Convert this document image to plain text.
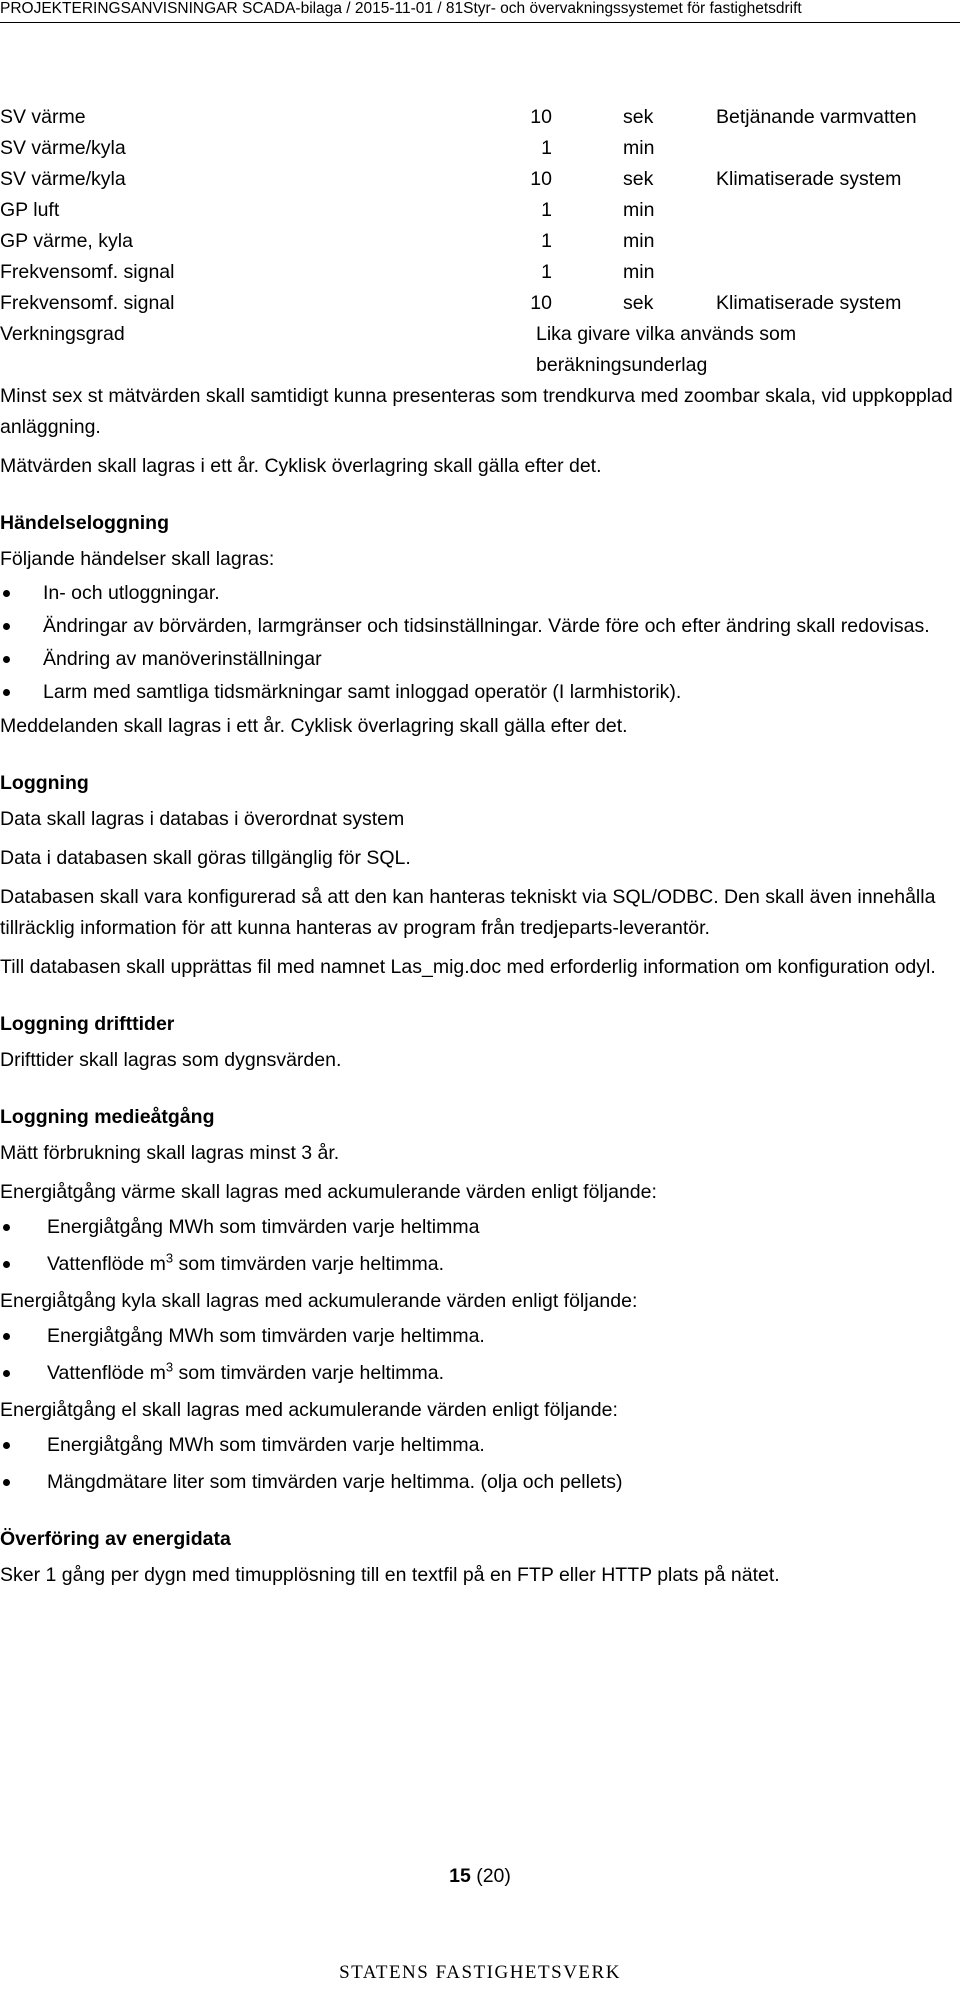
PROJEKTERINGSANVISNINGAR SCADA-bilaga / 2015-11-01 / 81Styr- och övervakningssystemet för fastighetsdrift
SV värme	10	sek	Betjänande varmvatten
SV värme/kyla	1	min
SV värme/kyla	10	sek	Klimatiserade system
GP luft	1	min
GP värme, kyla	1	min
Frekvensomf. signal	1	min
Frekvensomf. signal	10	sek	Klimatiserade system
Verkningsgrad	Lika givare vilka används som beräkningsunderlag

Minst sex st mätvärden skall samtidigt kunna presenteras som trendkurva med zoombar skala, vid uppkopplad anläggning.

Mätvärden skall lagras i ett år. Cyklisk överlagring skall gälla efter det.

Händelseloggning

Följande händelser skall lagras:

In- och utloggningar.
Ändringar av börvärden, larmgränser och tidsinställningar. Värde före och efter ändring skall redovisas.
Ändring av manöverinställningar
Larm med samtliga tidsmärkningar samt inloggad operatör (I larmhistorik).

Meddelanden skall lagras i ett år. Cyklisk överlagring skall gälla efter det.

Loggning

Data skall lagras i databas i överordnat system

Data i databasen skall göras tillgänglig för SQL.

Databasen skall vara konfigurerad så att den kan hanteras tekniskt via SQL/ODBC. Den skall även innehålla tillräcklig information för att kunna hanteras av program från tredjeparts-leverantör.

Till databasen skall upprättas fil med namnet Las_mig.doc med erforderlig information om konfiguration odyl.

Loggning drifttider

Drifttider skall lagras som dygnsvärden.

Loggning medieåtgång

Mätt förbrukning skall lagras minst 3 år.

Energiåtgång värme skall lagras med ackumulerande värden enligt följande:

Energiåtgång MWh som timvärden varje heltimma
Vattenflöde $m^3$ som timvärden varje heltimma.

Energiåtgång kyla skall lagras med ackumulerande värden enligt följande:

Energiåtgång MWh som timvärden varje heltimma.
Vattenflöde $m^3$ som timvärden varje heltimma.

Energiåtgång el skall lagras med ackumulerande värden enligt följande:

Energiåtgång MWh som timvärden varje heltimma.
Mängdmätare liter som timvärden varje heltimma. (olja och pellets)
Överföring av energidata

Sker 1 gång per dygn med timupplösning till en textfil på en FTP eller HTTP plats på nätet.

15 (20)
STATENS FASTIGHETSVERK
